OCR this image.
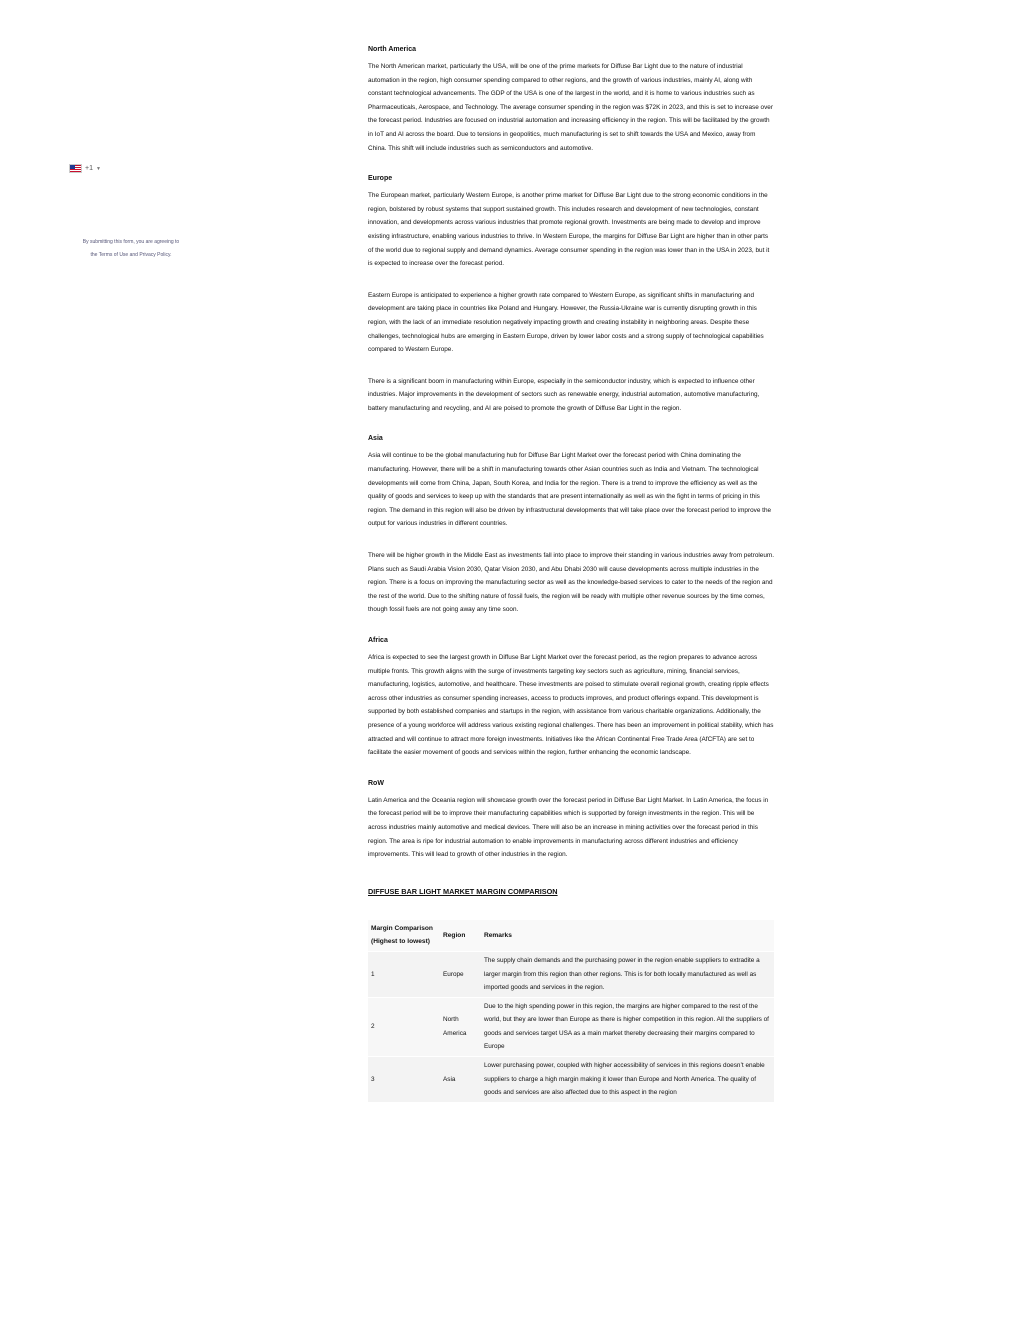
+1 ▼
By submitting this form, you are agreeing to
the Terms of Use and Privacy Policy.
North America

The North American market, particularly the USA, will be one of the prime markets for Diffuse Bar Light due to the nature of industrial automation in the region, high consumer spending compared to other regions, and the growth of various industries, mainly AI, along with constant technological advancements. The GDP of the USA is one of the largest in the world, and it is home to various industries such as Pharmaceuticals, Aerospace, and Technology. The average consumer spending in the region was $72K in 2023, and this is set to increase over the forecast period. Industries are focused on industrial automation and increasing efficiency in the region. This will be facilitated by the growth in IoT and AI across the board. Due to tensions in geopolitics, much manufacturing is set to shift towards the USA and Mexico, away from China. This shift will include industries such as semiconductors and automotive.

Europe

The European market, particularly Western Europe, is another prime market for Diffuse Bar Light due to the strong economic conditions in the region, bolstered by robust systems that support sustained growth. This includes research and development of new technologies, constant innovation, and developments across various industries that promote regional growth. Investments are being made to develop and improve existing infrastructure, enabling various industries to thrive. In Western Europe, the margins for Diffuse Bar Light are higher than in other parts of the world due to regional supply and demand dynamics. Average consumer spending in the region was lower than in the USA in 2023, but it is expected to increase over the forecast period.

Eastern Europe is anticipated to experience a higher growth rate compared to Western Europe, as significant shifts in manufacturing and development are taking place in countries like Poland and Hungary. However, the Russia-Ukraine war is currently disrupting growth in this region, with the lack of an immediate resolution negatively impacting growth and creating instability in neighboring areas. Despite these challenges, technological hubs are emerging in Eastern Europe, driven by lower labor costs and a strong supply of technological capabilities compared to Western Europe.

There is a significant boom in manufacturing within Europe, especially in the semiconductor industry, which is expected to influence other industries. Major improvements in the development of sectors such as renewable energy, industrial automation, automotive manufacturing, battery manufacturing and recycling, and AI are poised to promote the growth of Diffuse Bar Light in the region.

Asia

Asia will continue to be the global manufacturing hub for Diffuse Bar Light Market over the forecast period with China dominating the manufacturing. However, there will be a shift in manufacturing towards other Asian countries such as India and Vietnam. The technological developments will come from China, Japan, South Korea, and India for the region. There is a trend to improve the efficiency as well as the quality of goods and services to keep up with the standards that are present internationally as well as win the fight in terms of pricing in this region. The demand in this region will also be driven by infrastructural developments that will take place over the forecast period to improve the output for various industries in different countries.

There will be higher growth in the Middle East as investments fall into place to improve their standing in various industries away from petroleum. Plans such as Saudi Arabia Vision 2030, Qatar Vision 2030, and Abu Dhabi 2030 will cause developments across multiple industries in the region. There is a focus on improving the manufacturing sector as well as the knowledge-based services to cater to the needs of the region and the rest of the world. Due to the shifting nature of fossil fuels, the region will be ready with multiple other revenue sources by the time comes, though fossil fuels are not going away any time soon.

Africa

Africa is expected to see the largest growth in Diffuse Bar Light Market over the forecast period, as the region prepares to advance across multiple fronts. This growth aligns with the surge of investments targeting key sectors such as agriculture, mining, financial services, manufacturing, logistics, automotive, and healthcare. These investments are poised to stimulate overall regional growth, creating ripple effects across other industries as consumer spending increases, access to products improves, and product offerings expand. This development is supported by both established companies and startups in the region, with assistance from various charitable organizations. Additionally, the presence of a young workforce will address various existing regional challenges. There has been an improvement in political stability, which has attracted and will continue to attract more foreign investments. Initiatives like the African Continental Free Trade Area (AfCFTA) are set to facilitate the easier movement of goods and services within the region, further enhancing the economic landscape.

RoW

Latin America and the Oceania region will showcase growth over the forecast period in Diffuse Bar Light Market. In Latin America, the focus in the forecast period will be to improve their manufacturing capabilities which is supported by foreign investments in the region. This will be across industries mainly automotive and medical devices. There will also be an increase in mining activities over the forecast period in this region. The area is ripe for industrial automation to enable improvements in manufacturing across different industries and efficiency improvements. This will lead to growth of other industries in the region.

DIFFUSE BAR LIGHT MARKET MARGIN COMPARISON
Margin Comparison (Highest to lowest)	Region	Remarks
1	Europe	The supply chain demands and the purchasing power in the region enable suppliers to extradite a larger margin from this region than other regions. This is for both locally manufactured as well as imported goods and services in the region.
2	North America	Due to the high spending power in this region, the margins are higher compared to the rest of the world, but they are lower than Europe as there is higher competition in this region. All the suppliers of goods and services target USA as a main market thereby decreasing their margins compared to Europe
3	Asia	Lower purchasing power, coupled with higher accessibility of services in this regions doesn’t enable suppliers to charge a high margin making it lower than Europe and North America. The quality of goods and services are also affected due to this aspect in the region
